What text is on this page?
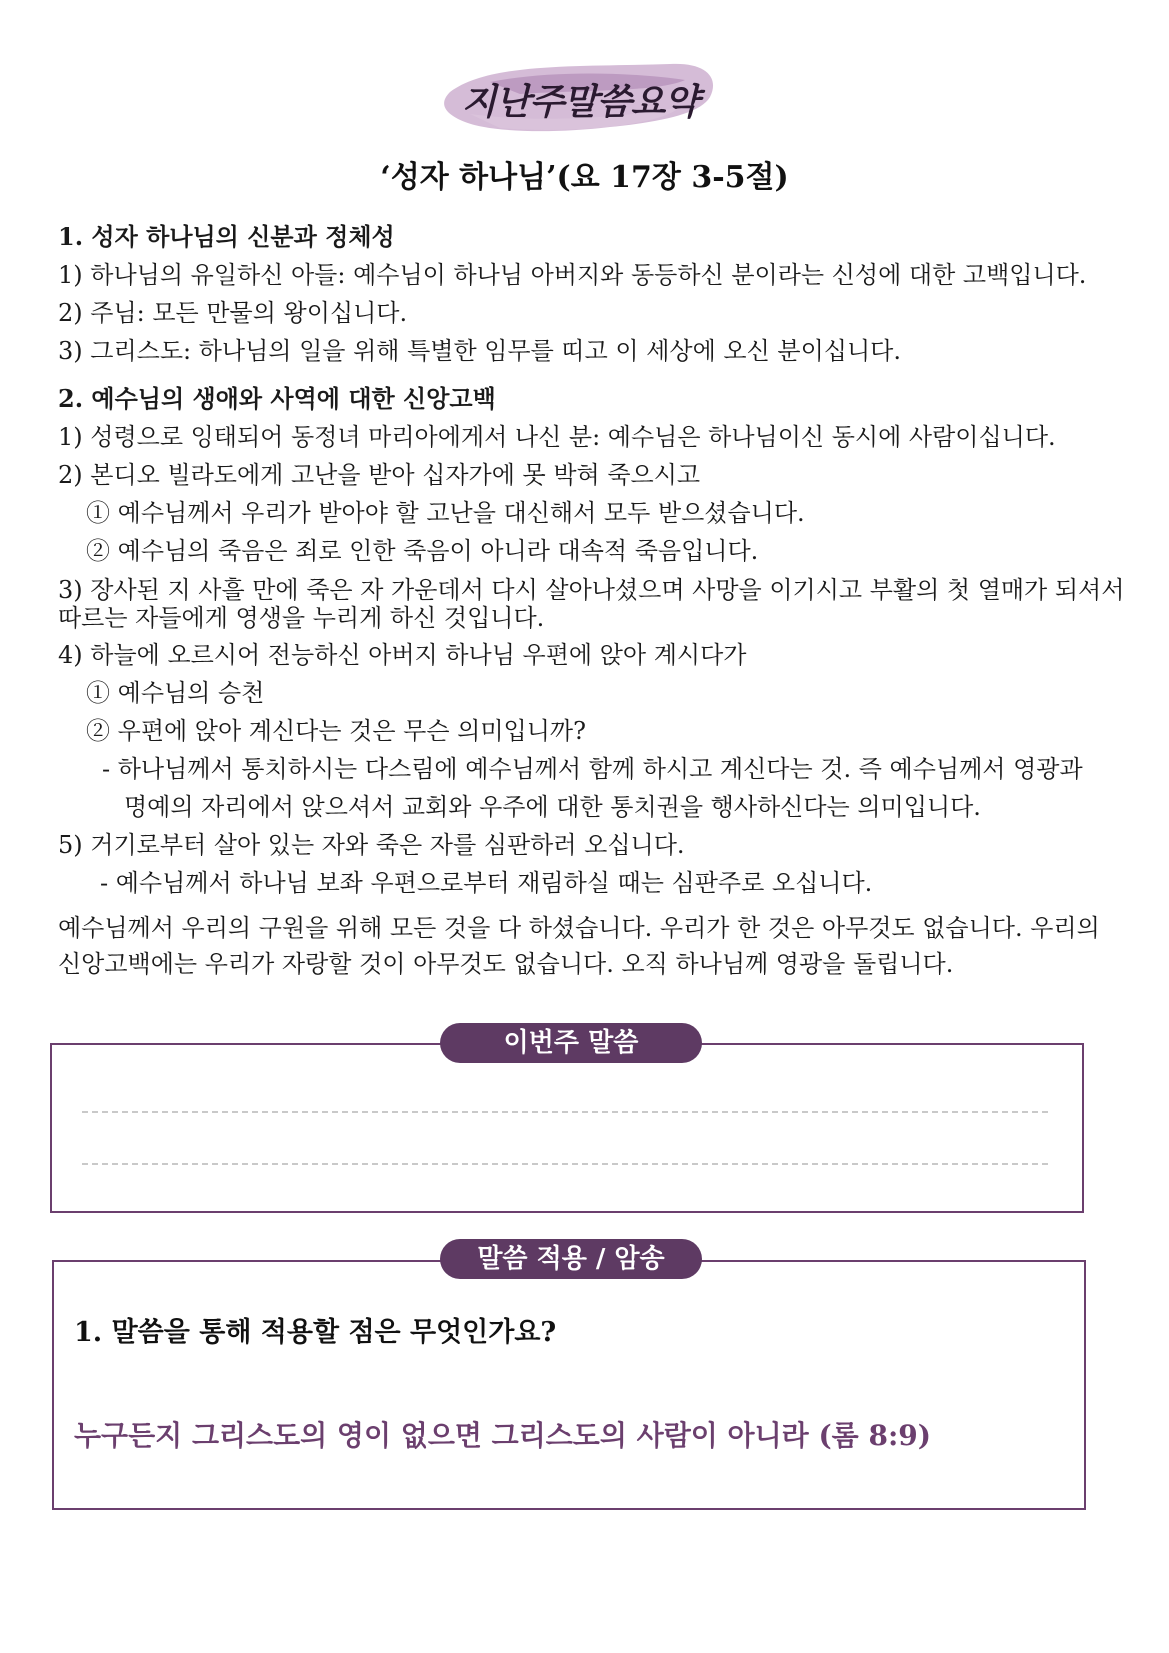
지난주말씀요약
‘성자 하나님’(요 17장 3-5절)
1. 성자 하나님의 신분과 정체성
1) 하나님의 유일하신 아들: 예수님이 하나님 아버지와 동등하신 분이라는 신성에 대한 고백입니다.
2) 주님: 모든 만물의 왕이십니다.
3) 그리스도: 하나님의 일을 위해 특별한 임무를 띠고 이 세상에 오신 분이십니다.
2. 예수님의 생애와 사역에 대한 신앙고백
1) 성령으로 잉태되어 동정녀 마리아에게서 나신 분: 예수님은 하나님이신 동시에 사람이십니다.
2) 본디오 빌라도에게 고난을 받아 십자가에 못 박혀 죽으시고
① 예수님께서 우리가 받아야 할 고난을 대신해서 모두 받으셨습니다.
② 예수님의 죽음은 죄로 인한 죽음이 아니라 대속적 죽음입니다.
3) 장사된 지 사흘 만에 죽은 자 가운데서 다시 살아나셨으며 사망을 이기시고 부활의 첫 열매가 되셔서 따르는 자들에게 영생을 누리게 하신 것입니다.
4) 하늘에 오르시어 전능하신 아버지 하나님 우편에 앉아 계시다가
① 예수님의 승천
② 우편에 앉아 계신다는 것은 무슨 의미입니까?
- 하나님께서 통치하시는 다스림에 예수님께서 함께 하시고 계신다는 것. 즉 예수님께서 영광과
명예의 자리에서 앉으셔서 교회와 우주에 대한 통치권을 행사하신다는 의미입니다.
5) 거기로부터 살아 있는 자와 죽은 자를 심판하러 오십니다.
- 예수님께서 하나님 보좌 우편으로부터 재림하실 때는 심판주로 오십니다.
예수님께서 우리의 구원을 위해 모든 것을 다 하셨습니다. 우리가 한 것은 아무것도 없습니다. 우리의 신앙고백에는 우리가 자랑할 것이 아무것도 없습니다. 오직 하나님께 영광을 돌립니다.
이번주 말씀
1. 말씀을 통해 적용할 점은 무엇인가요?
누구든지 그리스도의 영이 없으면 그리스도의 사람이 아니라 (롬 8:9)
말씀 적용 / 암송
